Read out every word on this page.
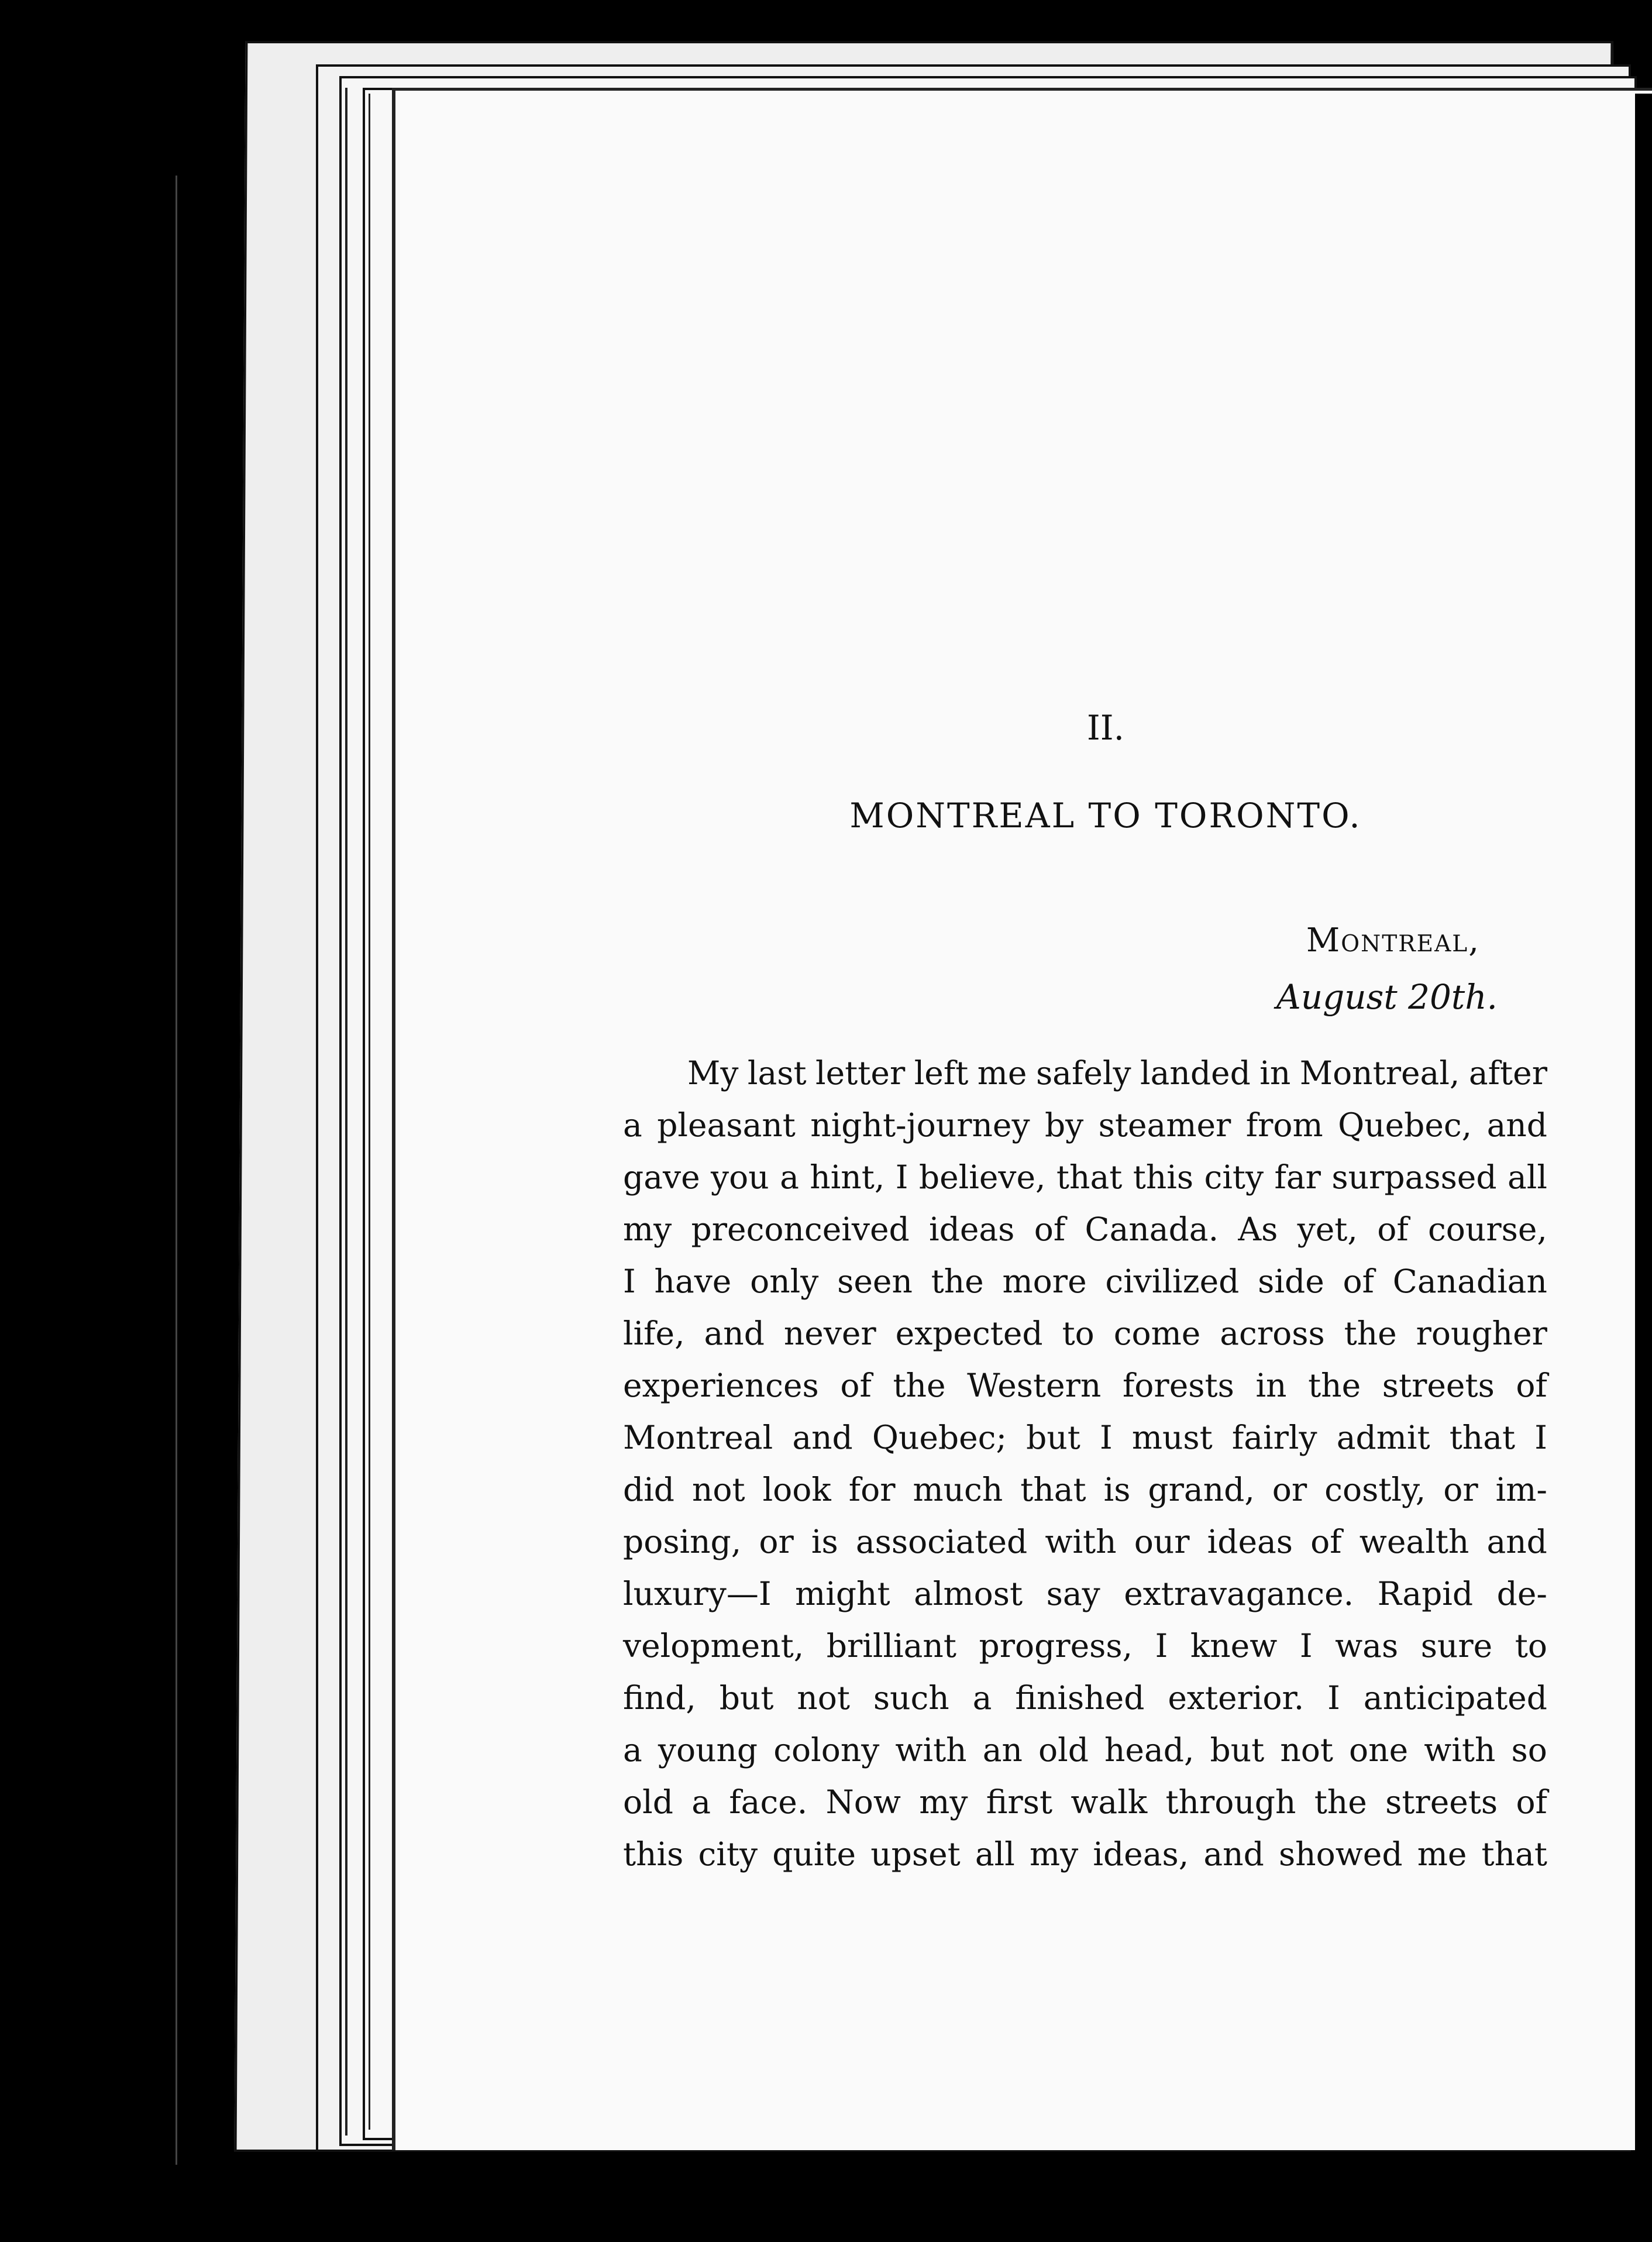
II.
MONTREAL TO TORONTO.
Montreal,
August 20th.
My last letter left me safely landed in Montreal, after
a pleasant night-journey by steamer from Quebec, and
gave you a hint, I believe, that this city far surpassed all
my preconceived ideas of Canada. As yet, of course,
I have only seen the more civilized side of Canadian
life, and never expected to come across the rougher
experiences of the Western forests in the streets of
Montreal and Quebec; but I must fairly admit that I
did not look for much that is grand, or costly, or im-
posing, or is associated with our ideas of wealth and
luxury—I might almost say extravagance. Rapid de-
velopment, brilliant progress, I knew I was sure to
find, but not such a finished exterior. I anticipated
a young colony with an old head, but not one with so
old a face. Now my first walk through the streets of
this city quite upset all my ideas, and showed me that
